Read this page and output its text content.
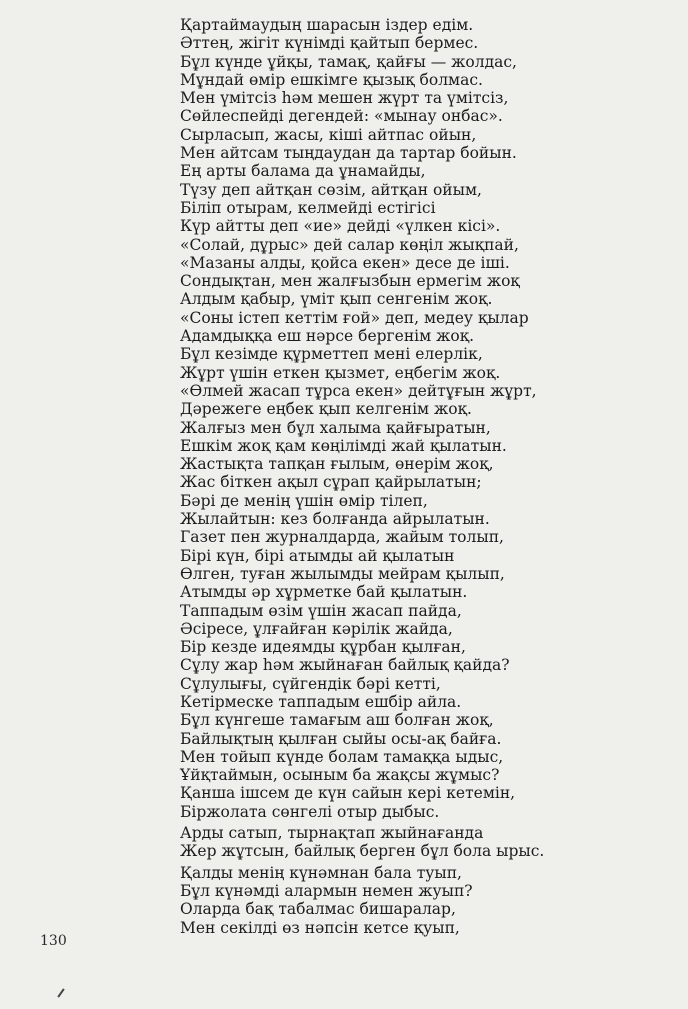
Қартаймаудың шарасын іздер едім.
Әттең, жігіт күнімді қайтып бермес.
Бұл күнде ұйқы, тамақ, қайғы — жолдас,
Мұндай өмір ешкімге қызық болмас.
Мен үмітсіз һәм мешен жүрт та үмітсіз,
Сөйлеспейді дегендей: «мынау онбас».
Сырласып, жасы, кіші айтпас ойын,
Мен айтсам тыңдаудан да тартар бойын.
Ең арты балама да ұнамайды,
Түзу деп айтқан сөзім, айтқан ойым,
Біліп отырам, келмейді естігісі
Күр айтты деп «ие» дейді «үлкен кісі».
«Солай, дұрыс» дей салар көңіл жықпай,
«Мазаны алды, қойса екен» десе де іші.
Сондықтан, мен жалғызбын ермегім жоқ
Алдым қабыр, үміт қып сенгенім жоқ.
«Соны істеп кеттім ғой» деп, медеу қылар
Адамдыққа еш нәрсе бергенім жоқ.
Бұл кезімде құрметтеп мені елерлік,
Жұрт үшін еткен қызмет, еңбегім жоқ.
«Өлмей жасап тұрса екен» дейтұғын жұрт,
Дәрежеге еңбек қып келгенім жоқ.
Жалғыз мен бұл халыма қайғыратын,
Ешкім жоқ қам көңілімді жай қылатын.
Жастықта тапқан ғылым, өнерім жоқ,
Жас біткен ақыл сұрап қайрылатын;
Бәрі де менің үшін өмір тілеп,
Жылайтын: кез болғанда айрылатын.
Газет пен журналдарда, жайым толып,
Бірі күн, бірі атымды ай қылатын
Өлген, туған жылымды мейрам қылып,
Атымды әр хұрметке бай қылатын.
Таппадым өзім үшін жасап пайда,
Әсіресе, ұлғайған кәрілік жайда,
Бір кезде идеямды құрбан қылған,
Сұлу жар һәм жыйнаған байлық қайда?
Сұлулығы, сүйгендік бәрі кетті,
Кетірмеске таппадым ешбір айла.
Бұл күнгеше тамағым аш болған жоқ,
Байлықтың қылған сыйы осы-ақ байға.
Мен тойып күнде болам тамаққа ыдыс,
Ұйқтаймын, осыным ба жақсы жұмыс?
Қанша ішсем де күн сайын кері кетемін,
Біржолата сөнгелі отыр дыбыс.
Арды сатып, тырнақтап жыйнағанда
Жер жұтсын, байлық берген бұл бола ырыс.
Қалды менің күнәмнан бала туып,
Бұл күнәмді алармын немен жуып?
Оларда бақ табалмас бишаралар,
Мен секілді өз нәпсін кетсе қуып,
130
